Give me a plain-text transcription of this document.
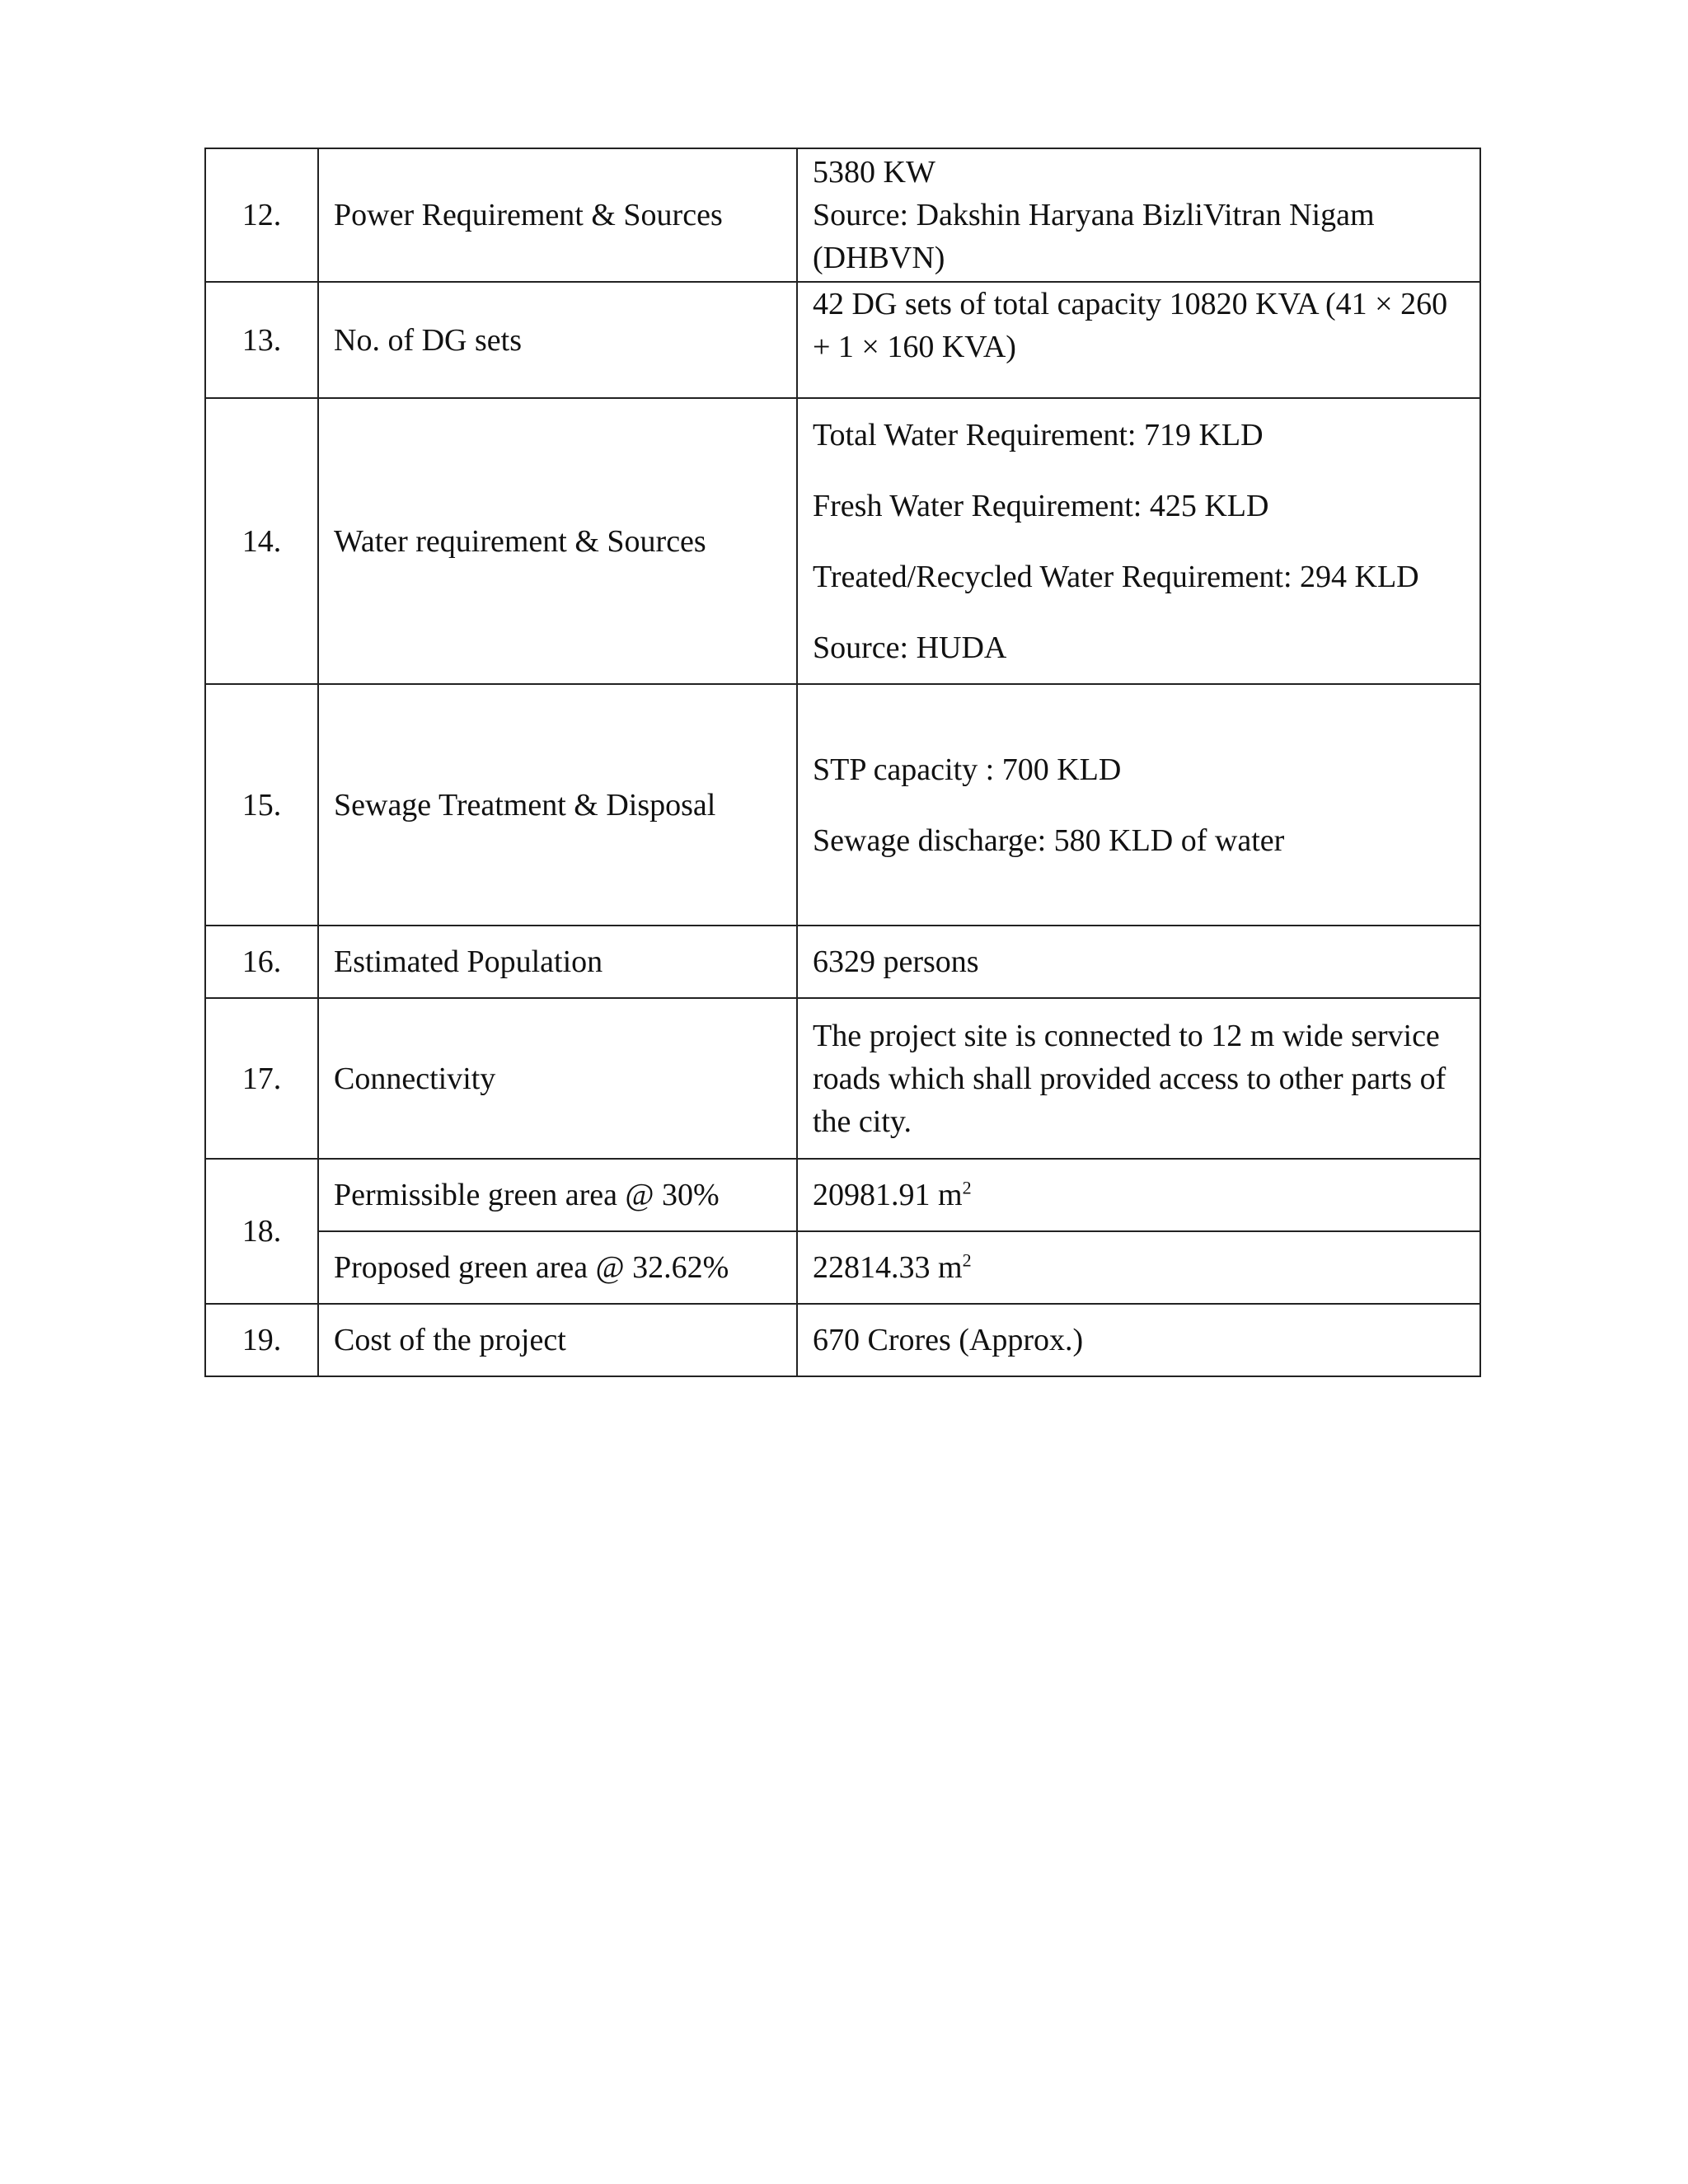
12.	Power Requirement & Sources	5380 KW
Source: Dakshin Haryana BizliVitran Nigam (DHBVN)

13.	No. of DG sets	42 DG sets of total capacity 10820 KVA (41 × 260 + 1 × 160 KVA)

14.	Water requirement & Sources	Total Water Requirement: 719 KLD

Fresh Water Requirement: 425 KLD

Treated/Recycled Water Requirement: 294 KLD

Source: HUDA

15.	Sewage Treatment & Disposal	STP capacity : 700 KLD

Sewage discharge: 580 KLD of water

16.	Estimated Population	6329 persons

17.	Connectivity	The project site is connected to 12 m wide service roads which shall provided access to other parts of the city.

18.	Permissible green area @ 30%	20981.91 $m^2$
	Proposed green area @ 32.62%	22814.33 $m^2$
19.	Cost of the project	670 Crores (Approx.)
